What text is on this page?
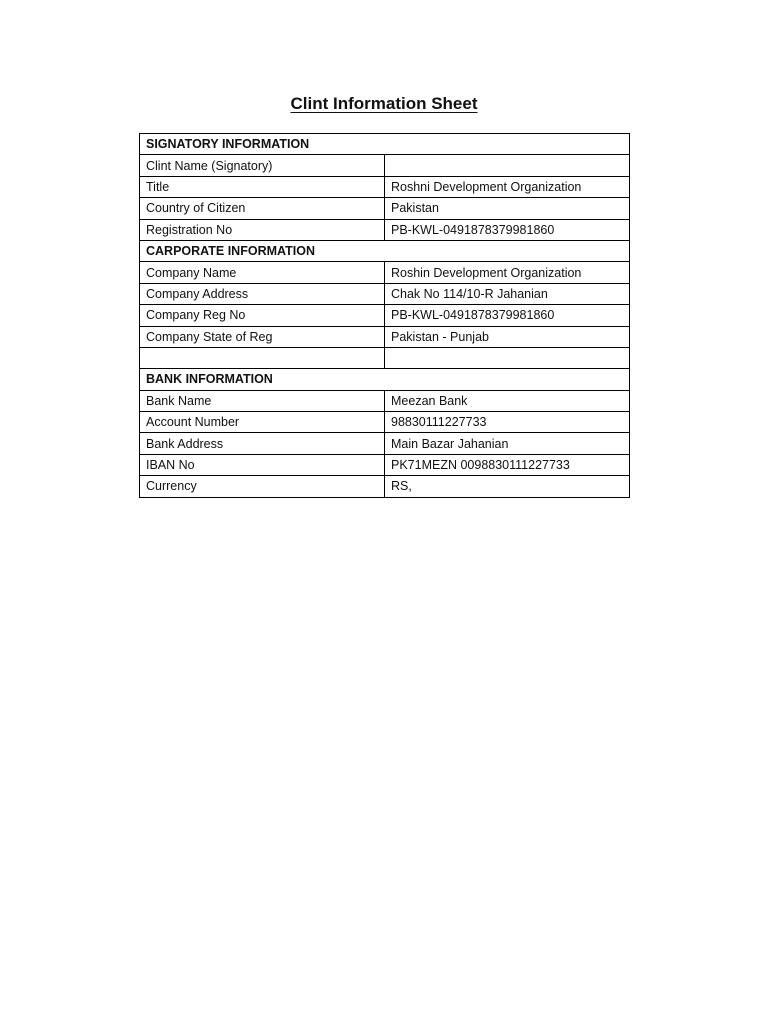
Clint Information Sheet
SIGNATORY INFORMATION	
Clint Name (Signatory)	
Title	Roshni Development Organization
Country of Citizen	Pakistan
Registration No	PB-KWL-0491878379981860
CARPORATE INFORMATION	
Company Name	Roshin Development Organization
Company Address	Chak No 114/10-R Jahanian
Company Reg No	PB-KWL-0491878379981860
Company State of Reg	Pakistan - Punjab

BANK INFORMATION	
Bank Name	Meezan Bank
Account Number	98830111227733
Bank Address	Main Bazar Jahanian
IBAN No	PK71MEZN 0098830111227733
Currency	RS,
